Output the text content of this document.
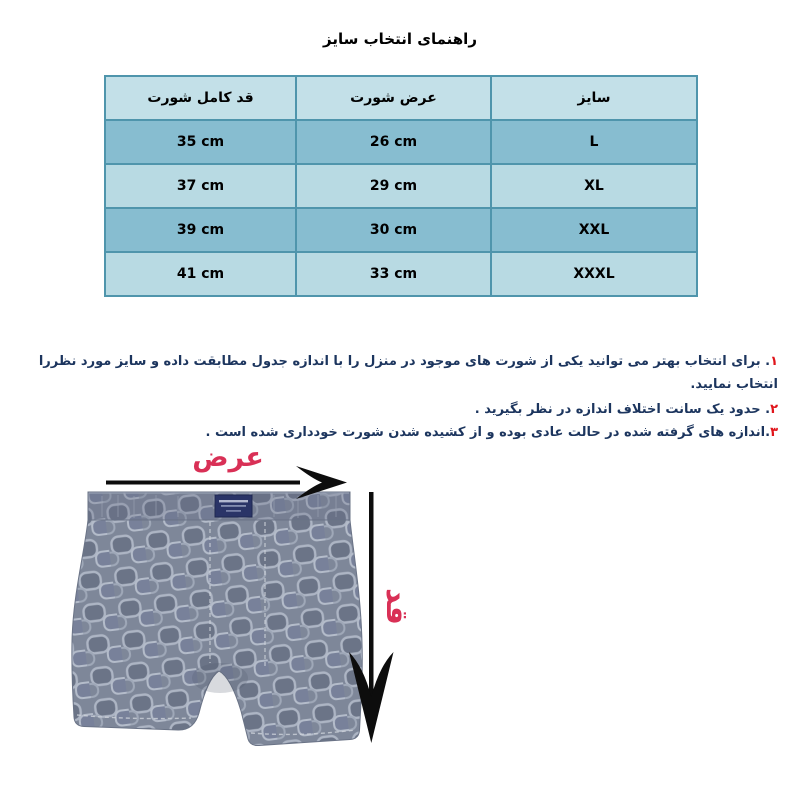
راهنمای انتخاب سایز
قد کامل شورت	عرض شورت	سایز
35 cm	26 cm	L
37 cm	29 cm	XL
39 cm	30 cm	XXL
41 cm	33 cm	XXXL

۱. برای انتخاب بهتر می توانید یکی از شورت های موجود در منزل را با اندازه جدول مطابقت داده و سایز مورد نظررا

انتخاب نمایید.

۲. حدود یک سانت اختلاف اندازه در نظر بگیرید .

۳.اندازه های گرفته شده در حالت عادی بوده و از کشیده شدن شورت خودداری شده است .

عرض
قد
